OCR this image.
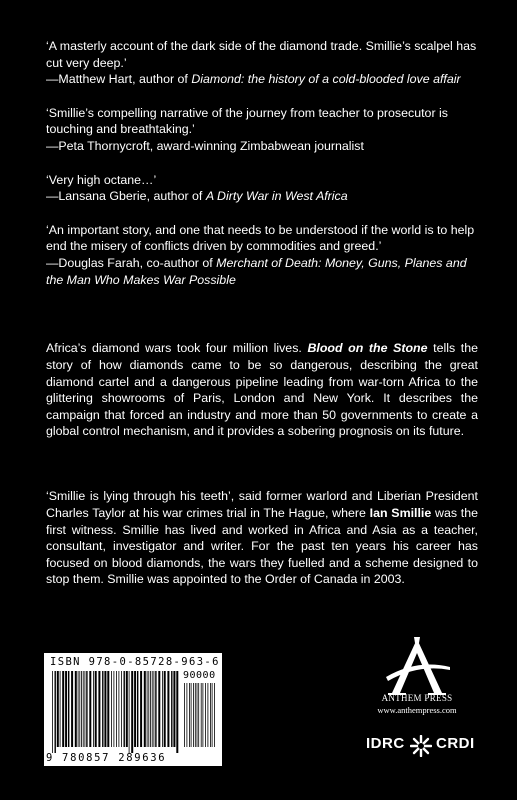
‘A masterly account of the dark side of the diamond trade. Smillie’s scalpel has cut very deep.’
—Matthew Hart, author of Diamond: the history of a cold-blooded love affair

‘Smillie’s compelling narrative of the journey from teacher to prosecutor is touching and breathtaking.’
—Peta Thornycroft, award-winning Zimbabwean journalist

‘Very high octane…’
—Lansana Gberie, author of A Dirty War in West Africa

‘An important story, and one that needs to be understood if the world is to help end the misery of conflicts driven by commodities and greed.’
—Douglas Farah, co-author of Merchant of Death: Money, Guns, Planes and the Man Who Makes War Possible

Africa’s diamond wars took four million lives. Blood on the Stone tells the story of how diamonds came to be so dangerous, describing the great diamond cartel and a dangerous pipeline leading from war-torn Africa to the glittering showrooms of Paris, London and New York. It describes the campaign that forced an industry and more than 50 governments to create a global control mechanism, and it provides a sobering prognosis on its future.

‘Smillie is lying through his teeth’, said former warlord and Liberian President Charles Taylor at his war crimes trial in The Hague, where Ian Smillie was the first witness. Smillie has lived and worked in Africa and Asia as a teacher, consultant, investigator and writer. For the past ten years his career has focused on blood diamonds, the wars they fuelled and a scheme designed to stop them. Smillie was appointed to the Order of Canada in 2003.

ISBN 978-0-85728-963-6
90000
9 780857 289636
ANTHEM PRESS
www.anthempress.com
IDRC CRDI
